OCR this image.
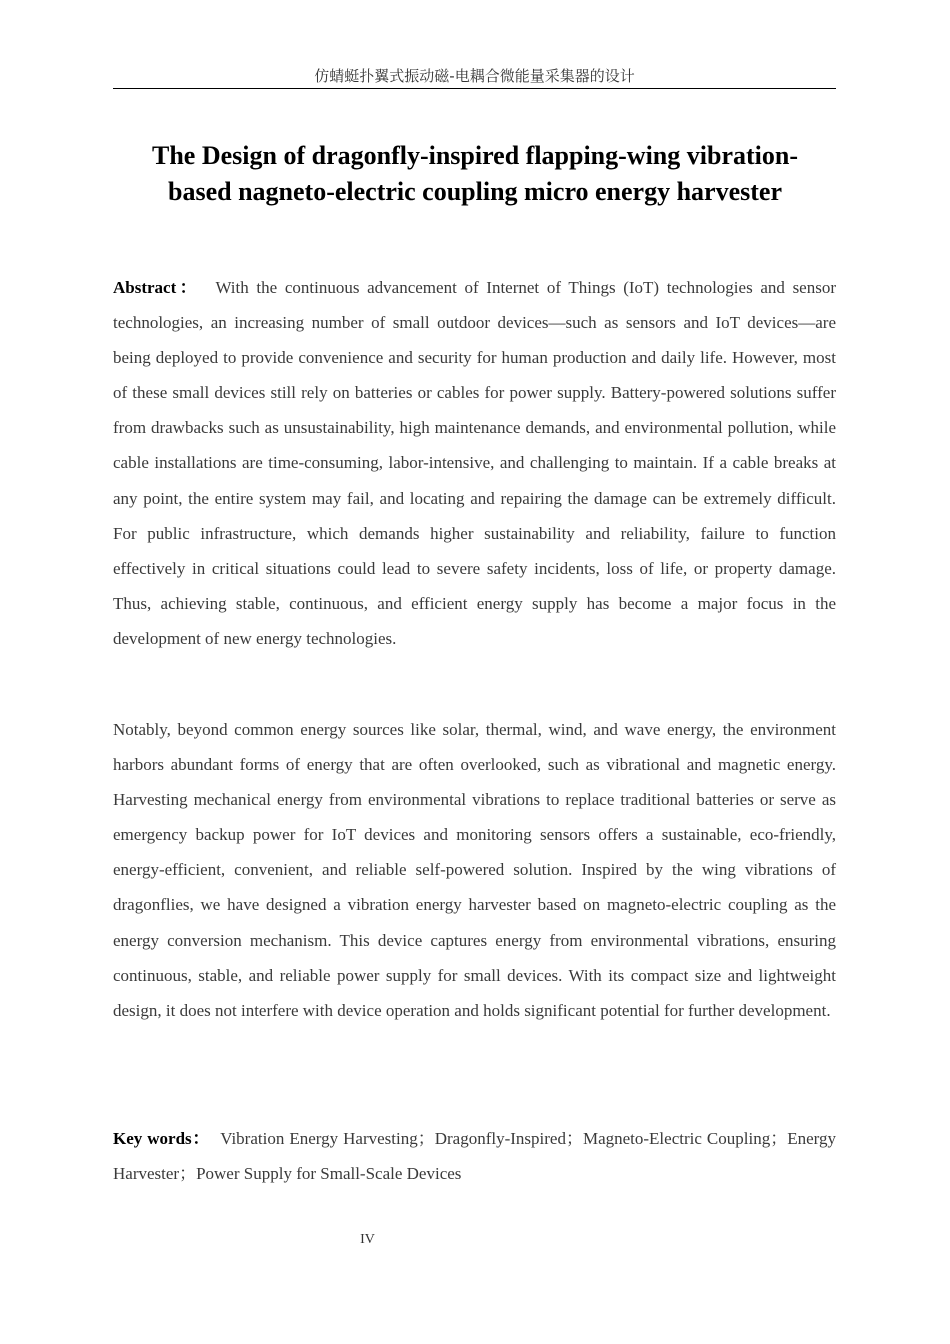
仿蜻蜓扑翼式振动磁-电耦合微能量采集器的设计
The Design of dragonfly-inspired flapping-wing vibration-
based nagneto-electric coupling micro energy harvester

Abstract： With the continuous advancement of Internet of Things (IoT) technologies and sensor technologies, an increasing number of small outdoor devices—such as sensors and IoT devices—are being deployed to provide convenience and security for human production and daily life. However, most of these small devices still rely on batteries or cables for power supply. Battery-powered solutions suffer from drawbacks such as unsustainability, high maintenance demands, and environmental pollution, while cable installations are time-consuming, labor-intensive, and challenging to maintain. If a cable breaks at any point, the entire system may fail, and locating and repairing the damage can be extremely difficult. For public infrastructure, which demands higher sustainability and reliability, failure to function effectively in critical situations could lead to severe safety incidents, loss of life, or property damage. Thus, achieving stable, continuous, and efficient energy supply has become a major focus in the development of new energy technologies.

Notably, beyond common energy sources like solar, thermal, wind, and wave energy, the environment harbors abundant forms of energy that are often overlooked, such as vibrational and magnetic energy. Harvesting mechanical energy from environmental vibrations to replace traditional batteries or serve as emergency backup power for IoT devices and monitoring sensors offers a sustainable, eco-friendly, energy-efficient, convenient, and reliable self-powered solution. Inspired by the wing vibrations of dragonflies, we have designed a vibration energy harvester based on magneto-electric coupling as the energy conversion mechanism. This device captures energy from environmental vibrations, ensuring continuous, stable, and reliable power supply for small devices. With its compact size and lightweight design, it does not interfere with device operation and holds significant potential for further development.

Key words： Vibration Energy Harvesting；Dragonfly-Inspired；Magneto-Electric Coupling；Energy Harvester；Power Supply for Small-Scale Devices

IV
